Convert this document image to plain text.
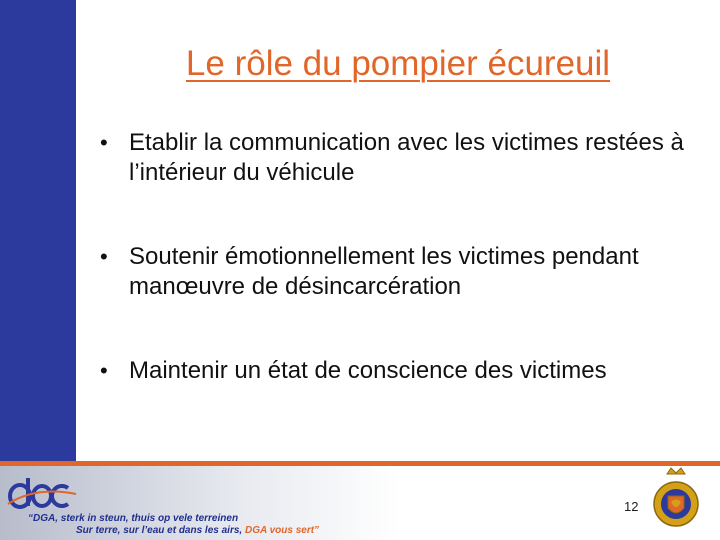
Le rôle du pompier écureuil
• Etablir la communication avec les victimes restées à l’intérieur du véhicule
• Soutenir émotionnellement les victimes pendant manœuvre de désincarcération
• Maintenir un état de conscience des victimes
“DGA, sterk in steun, thuis op vele terreinen
Sur terre, sur l’eau et dans les airs, DGA vous sert”
12
